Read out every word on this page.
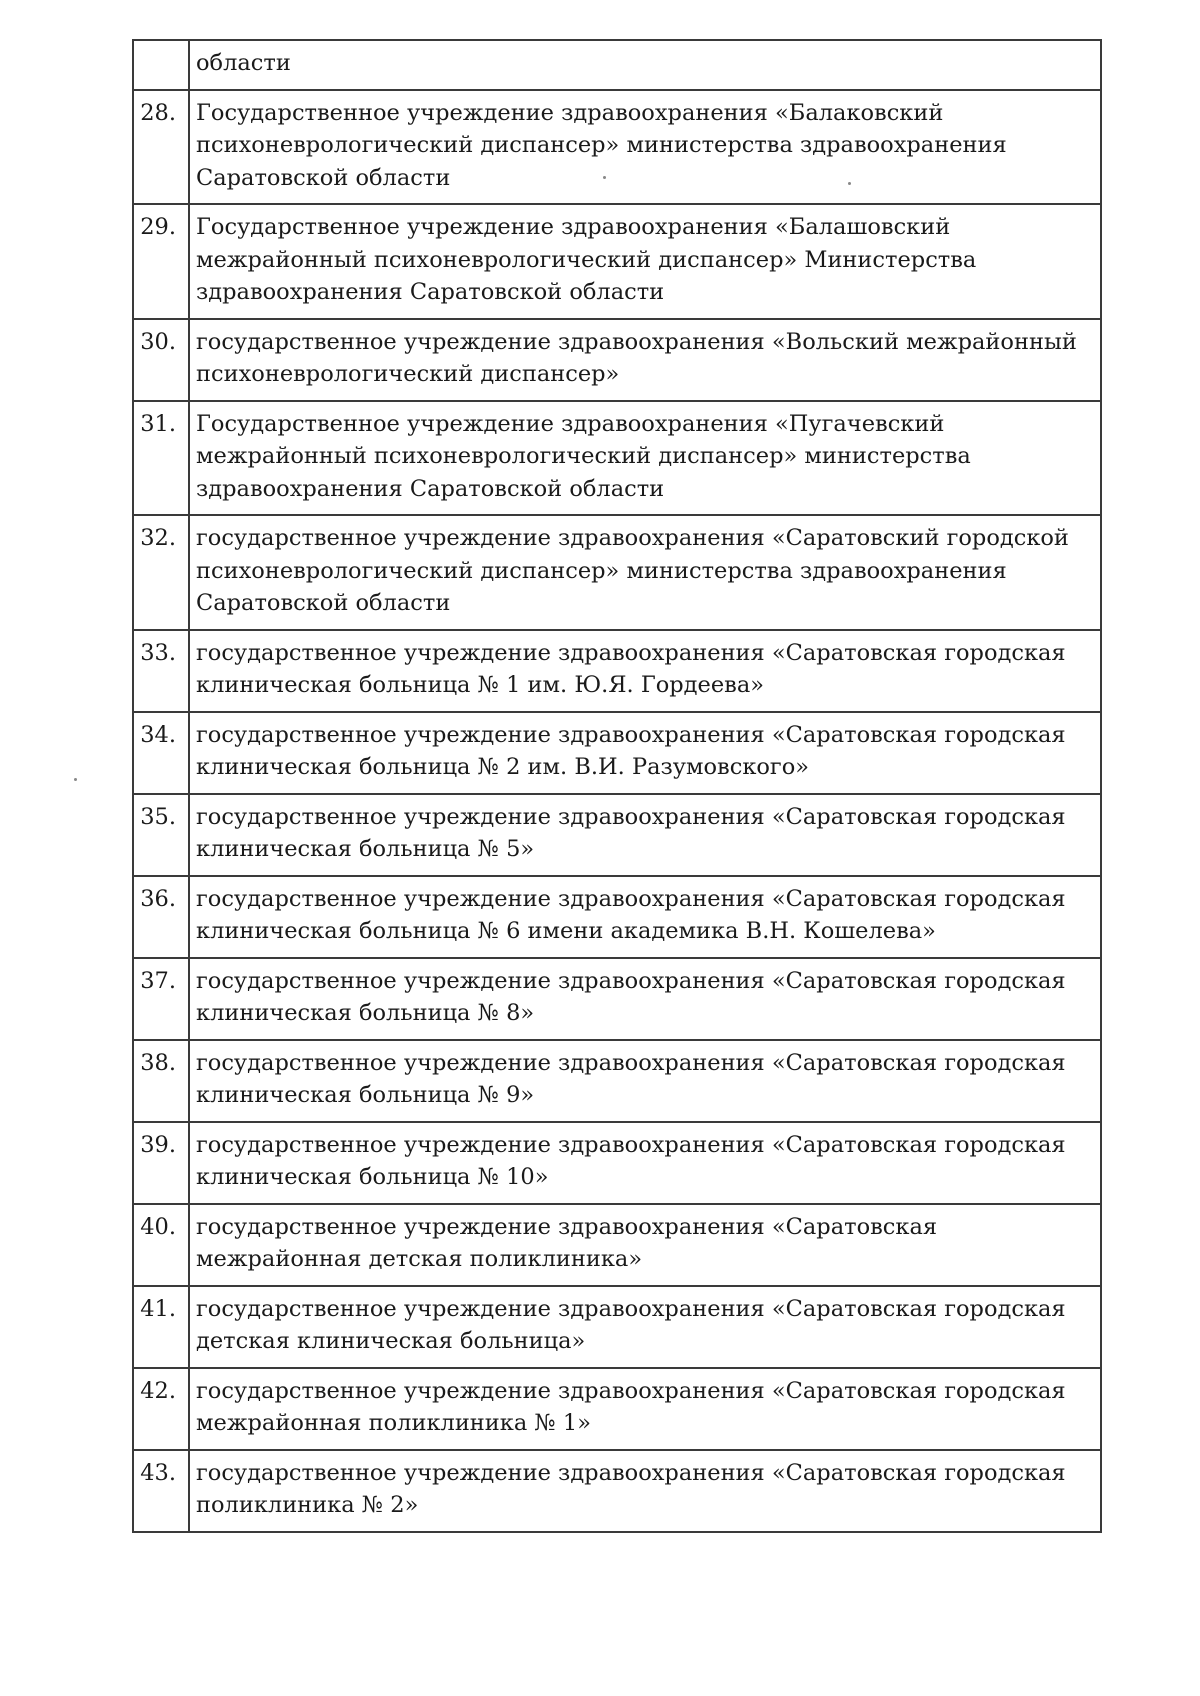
	области
28.	Государственное учреждение здравоохранения «Балаковский психоневрологический диспансер» министерства здравоохранения Саратовской области
29.	Государственное учреждение здравоохранения «Балашовский межрайонный психоневрологический диспансер» Министерства здравоохранения Саратовской области
30.	государственное учреждение здравоохранения «Вольский межрайонный психоневрологический диспансер»
31.	Государственное учреждение здравоохранения «Пугачевский межрайонный психоневрологический диспансер» министерства здравоохранения Саратовской области
32.	государственное учреждение здравоохранения «Саратовский городской психоневрологический диспансер» министерства здравоохранения Саратовской области
33.	государственное учреждение здравоохранения «Саратовская городская клиническая больница № 1 им. Ю.Я. Гордеева»
34.	государственное учреждение здравоохранения «Саратовская городская клиническая больница № 2 им. В.И. Разумовского»
35.	государственное учреждение здравоохранения «Саратовская городская клиническая больница № 5»
36.	государственное учреждение здравоохранения «Саратовская городская клиническая больница № 6 имени академика В.Н. Кошелева»
37.	государственное учреждение здравоохранения «Саратовская городская клиническая больница № 8»
38.	государственное учреждение здравоохранения «Саратовская городская клиническая больница № 9»
39.	государственное учреждение здравоохранения «Саратовская городская клиническая больница № 10»
40.	государственное учреждение здравоохранения «Саратовская межрайонная детская поликлиника»
41.	государственное учреждение здравоохранения «Саратовская городская детская клиническая больница»
42.	государственное учреждение здравоохранения «Саратовская городская межрайонная поликлиника № 1»
43.	государственное учреждение здравоохранения «Саратовская городская поликлиника № 2»
